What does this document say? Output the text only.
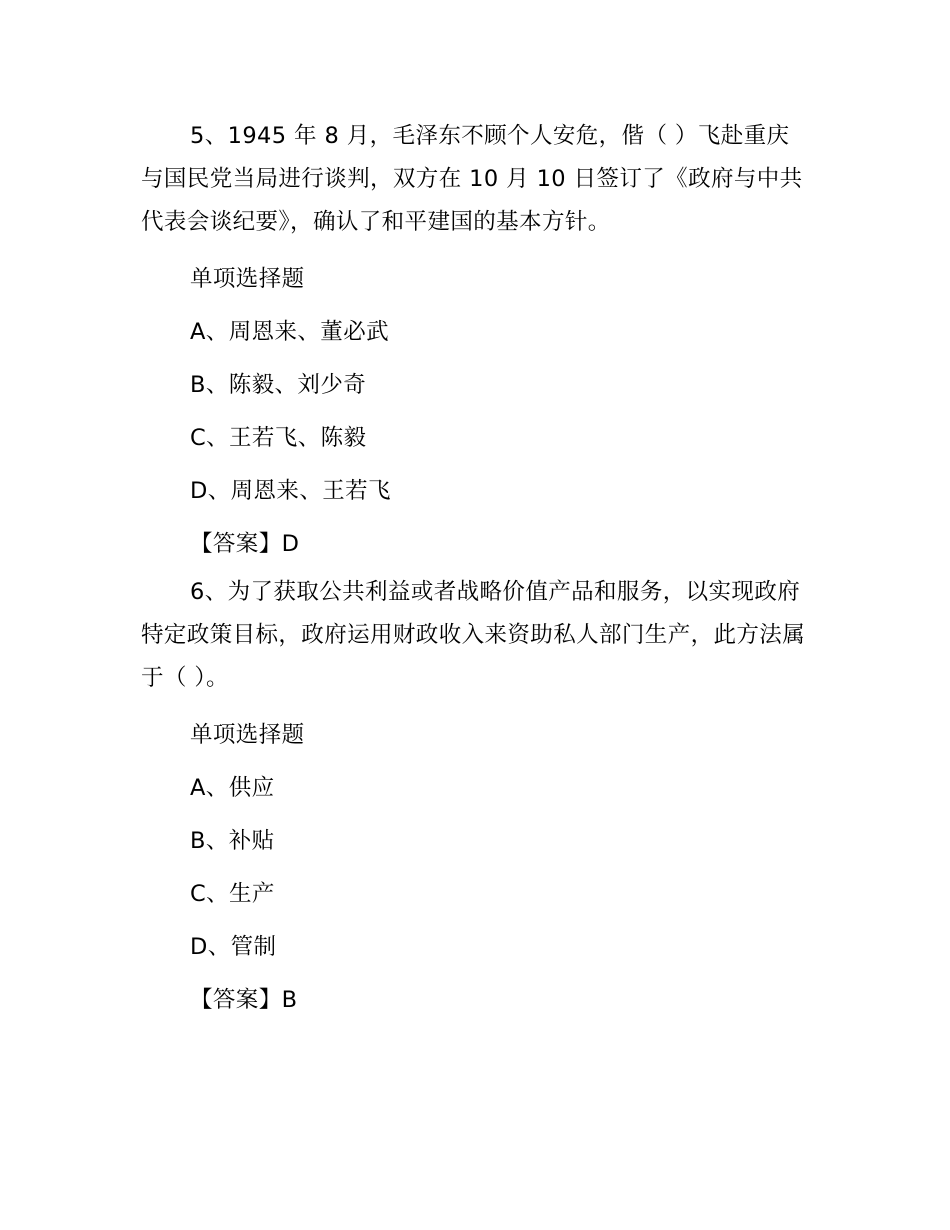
5、1945 年 8 月，毛泽东不顾个人安危，偕（ ）飞赴重庆与国民党当局进行谈判，双方在 10 月 10 日签订了《政府与中共代表会谈纪要》，确认了和平建国的基本方针。

单项选择题

A、周恩来、董必武

B、陈毅、刘少奇

C、王若飞、陈毅

D、周恩来、王若飞

【答案】D

6、为了获取公共利益或者战略价值产品和服务，以实现政府特定政策目标，政府运用财政收入来资助私人部门生产，此方法属于（ ）。

单项选择题

A、供应

B、补贴

C、生产

D、管制

【答案】B
